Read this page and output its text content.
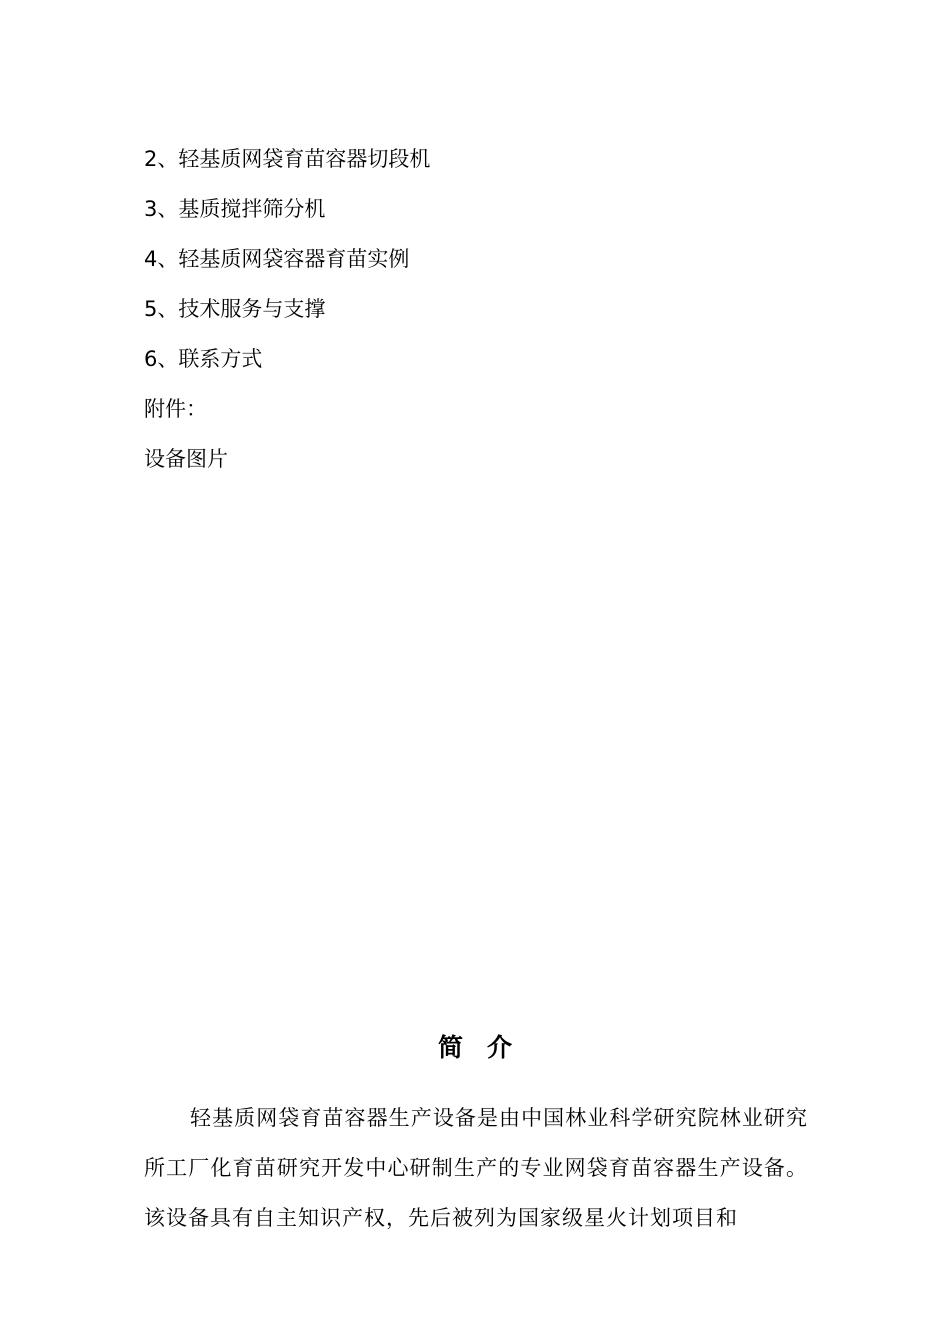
2、轻基质网袋育苗容器切段机
3、基质搅拌筛分机
4、轻基质网袋容器育苗实例
5、技术服务与支撑
6、联系方式
附件：
设备图片
简介

轻基质网袋育苗容器生产设备是由中国林业科学研究院林业研究所工厂化育苗研究开发中心研制生产的专业网袋育苗容器生产设备。该设备具有自主知识产权，先后被列为国家级星火计划项目和
